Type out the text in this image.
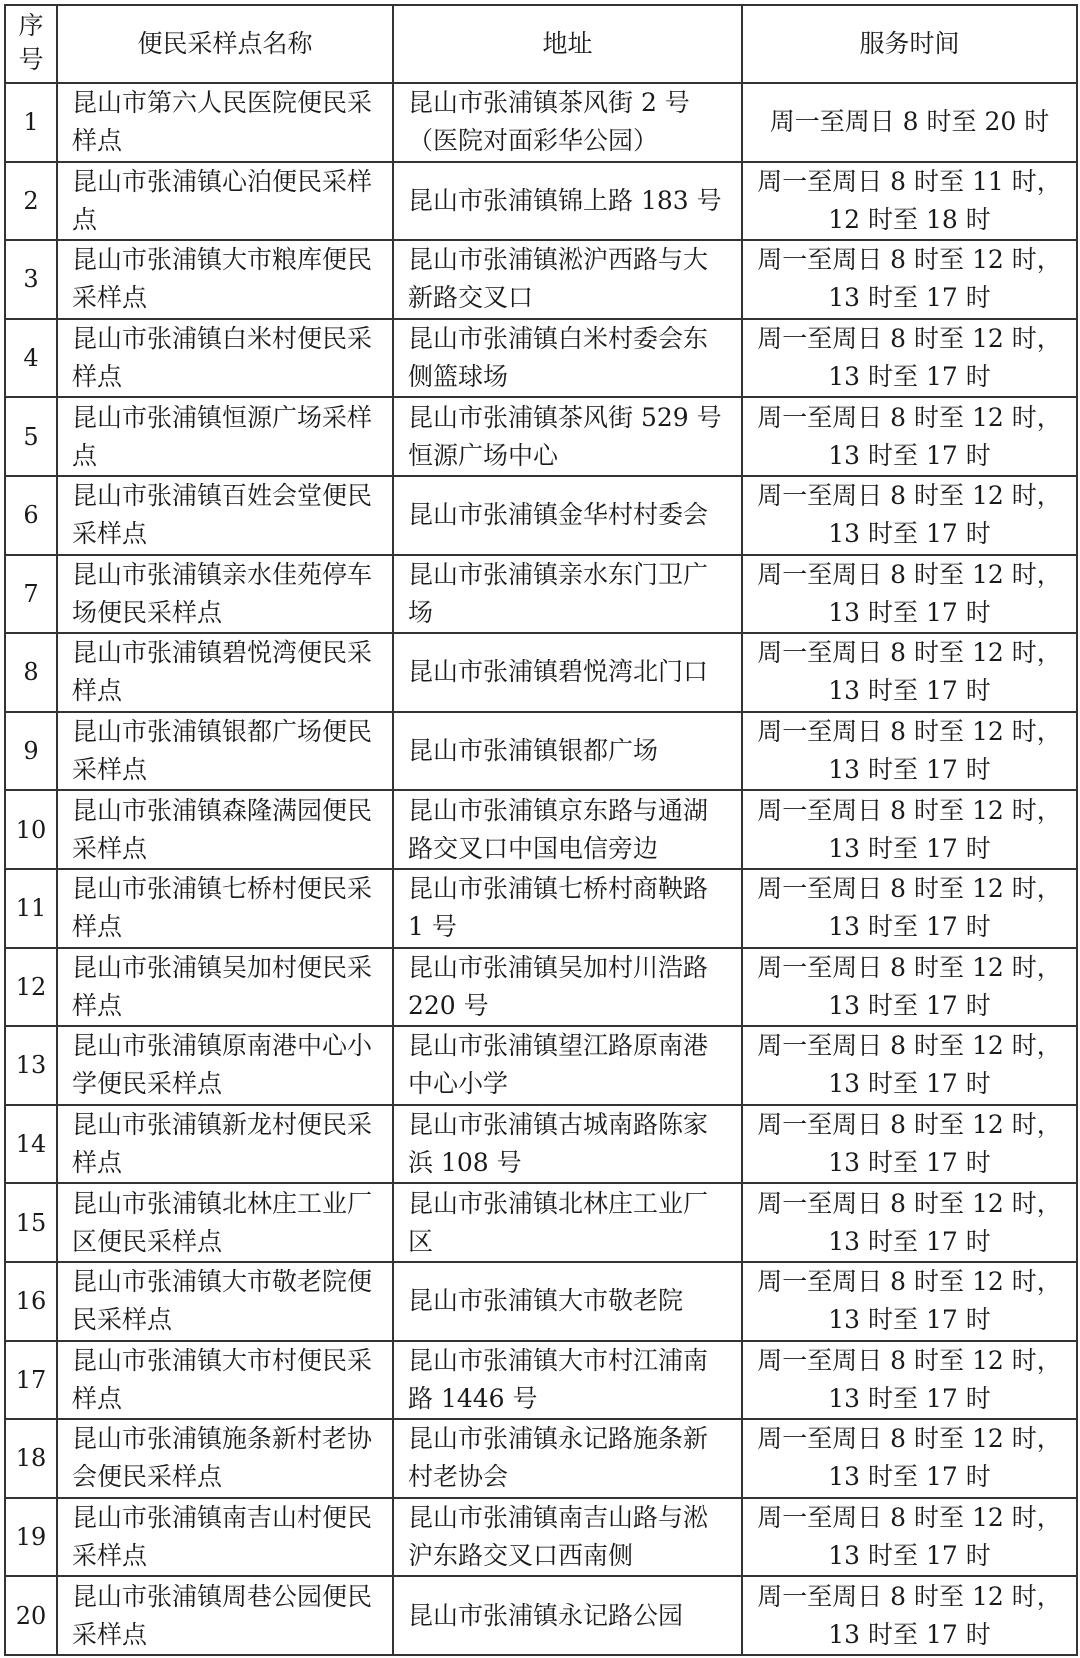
序号	便民采样点名称	地址	服务时间
1	昆山市第六人民医院便民采样点	昆山市张浦镇茶风街 2 号（医院对面彩华公园）	周一至周日 8 时至 20 时
2	昆山市张浦镇心泊便民采样点	昆山市张浦镇锦上路 183 号	周一至周日 8 时至 11 时，12 时至 18 时
3	昆山市张浦镇大市粮库便民采样点	昆山市张浦镇淞沪西路与大新路交叉口	周一至周日 8 时至 12 时，13 时至 17 时
4	昆山市张浦镇白米村便民采样点	昆山市张浦镇白米村委会东侧篮球场	周一至周日 8 时至 12 时，13 时至 17 时
5	昆山市张浦镇恒源广场采样点	昆山市张浦镇茶风街 529 号恒源广场中心	周一至周日 8 时至 12 时，13 时至 17 时
6	昆山市张浦镇百姓会堂便民采样点	昆山市张浦镇金华村村委会	周一至周日 8 时至 12 时，13 时至 17 时
7	昆山市张浦镇亲水佳苑停车场便民采样点	昆山市张浦镇亲水东门卫广场	周一至周日 8 时至 12 时，13 时至 17 时
8	昆山市张浦镇碧悦湾便民采样点	昆山市张浦镇碧悦湾北门口	周一至周日 8 时至 12 时，13 时至 17 时
9	昆山市张浦镇银都广场便民采样点	昆山市张浦镇银都广场	周一至周日 8 时至 12 时，13 时至 17 时
10	昆山市张浦镇森隆满园便民采样点	昆山市张浦镇京东路与通湖路交叉口中国电信旁边	周一至周日 8 时至 12 时，13 时至 17 时
11	昆山市张浦镇七桥村便民采样点	昆山市张浦镇七桥村商鞅路 1 号	周一至周日 8 时至 12 时，13 时至 17 时
12	昆山市张浦镇吴加村便民采样点	昆山市张浦镇吴加村川浩路 220 号	周一至周日 8 时至 12 时，13 时至 17 时
13	昆山市张浦镇原南港中心小学便民采样点	昆山市张浦镇望江路原南港中心小学	周一至周日 8 时至 12 时，13 时至 17 时
14	昆山市张浦镇新龙村便民采样点	昆山市张浦镇古城南路陈家浜 108 号	周一至周日 8 时至 12 时，13 时至 17 时
15	昆山市张浦镇北林庄工业厂区便民采样点	昆山市张浦镇北林庄工业厂区	周一至周日 8 时至 12 时，13 时至 17 时
16	昆山市张浦镇大市敬老院便民采样点	昆山市张浦镇大市敬老院	周一至周日 8 时至 12 时，13 时至 17 时
17	昆山市张浦镇大市村便民采样点	昆山市张浦镇大市村江浦南路 1446 号	周一至周日 8 时至 12 时，13 时至 17 时
18	昆山市张浦镇施条新村老协会便民采样点	昆山市张浦镇永记路施条新村老协会	周一至周日 8 时至 12 时，13 时至 17 时
19	昆山市张浦镇南吉山村便民采样点	昆山市张浦镇南吉山路与淞沪东路交叉口西南侧	周一至周日 8 时至 12 时，13 时至 17 时
20	昆山市张浦镇周巷公园便民采样点	昆山市张浦镇永记路公园	周一至周日 8 时至 12 时，13 时至 17 时
